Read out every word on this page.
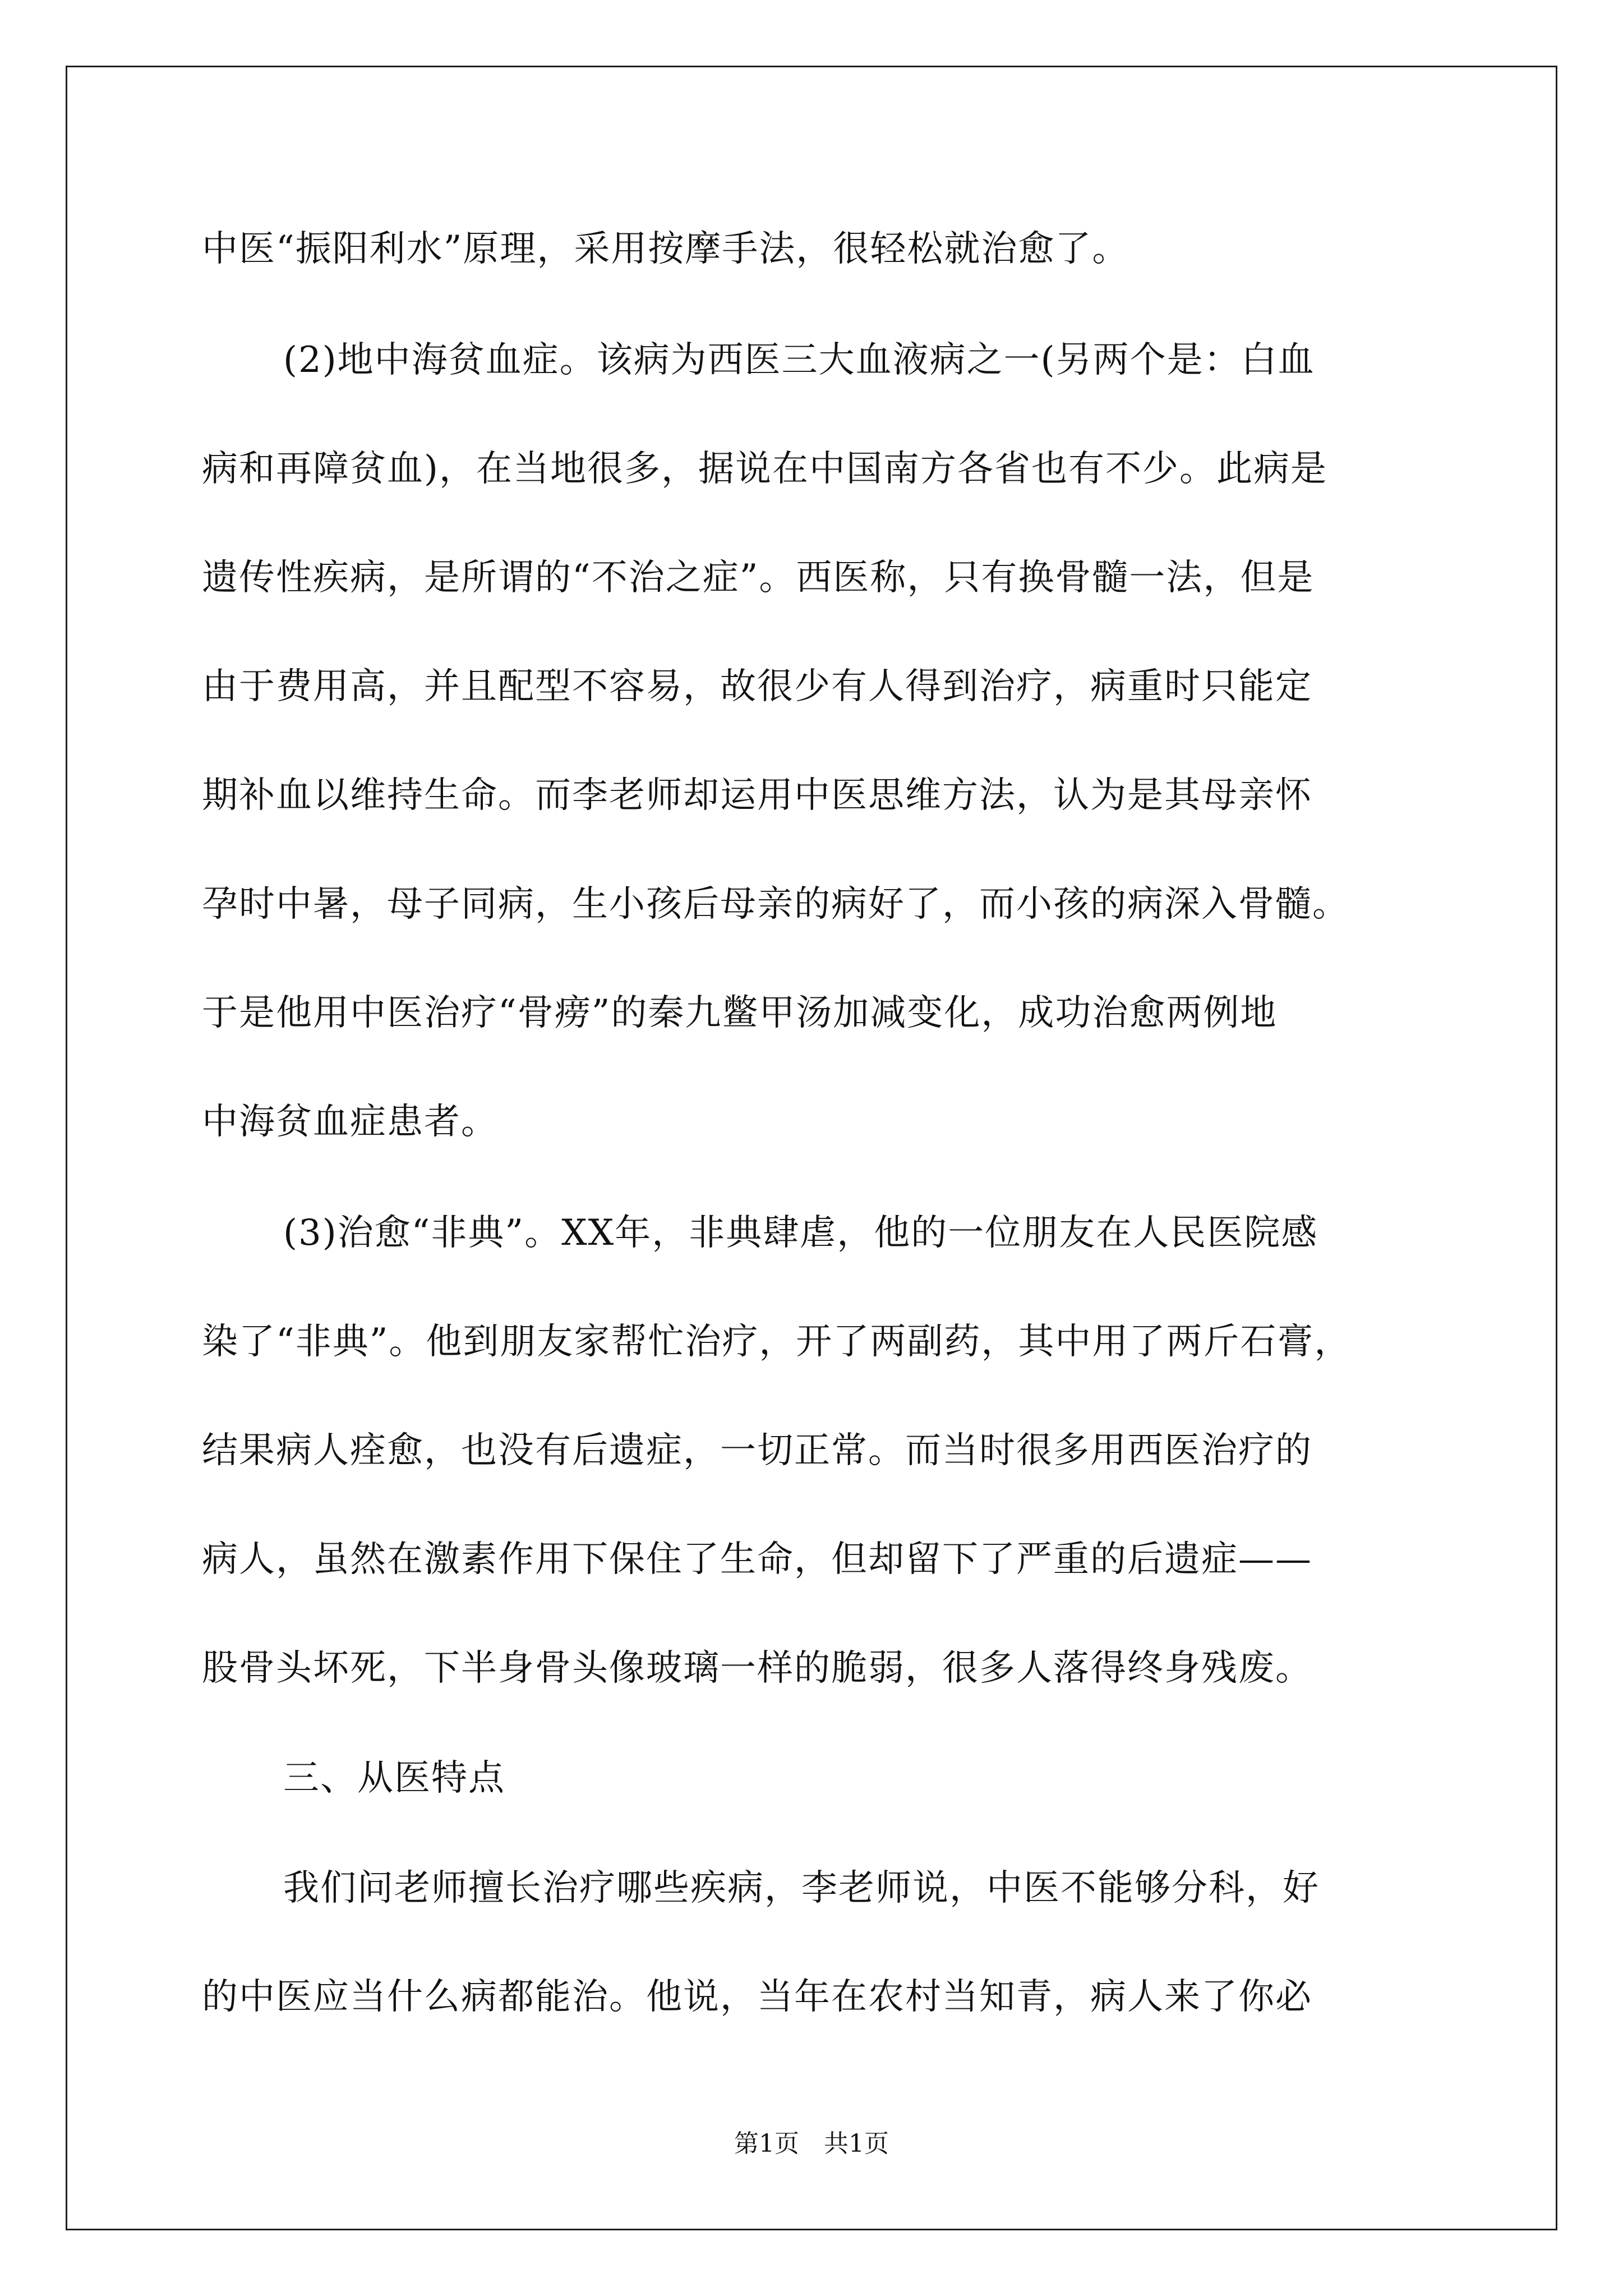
中医“振阳利水”原理，采用按摩手法，很轻松就治愈了。
(2)地中海贫血症。该病为西医三大血液病之一(另两个是：白血
病和再障贫血)，在当地很多，据说在中国南方各省也有不少。此病是
遗传性疾病，是所谓的“不治之症”。西医称，只有换骨髓一法，但是
由于费用高，并且配型不容易，故很少有人得到治疗，病重时只能定
期补血以维持生命。而李老师却运用中医思维方法，认为是其母亲怀
孕时中暑，母子同病，生小孩后母亲的病好了，而小孩的病深入骨髓。
于是他用中医治疗“骨痨”的秦九鳖甲汤加减变化，成功治愈两例地
中海贫血症患者。
(3)治愈“非典”。XX年，非典肆虐，他的一位朋友在人民医院感
染了“非典”。他到朋友家帮忙治疗，开了两副药，其中用了两斤石膏，
结果病人痊愈，也没有后遗症，一切正常。而当时很多用西医治疗的
病人，虽然在激素作用下保住了生命，但却留下了严重的后遗症——
股骨头坏死，下半身骨头像玻璃一样的脆弱，很多人落得终身残废。
三、从医特点
我们问老师擅长治疗哪些疾病，李老师说，中医不能够分科，好
的中医应当什么病都能治。他说，当年在农村当知青，病人来了你必
第1页　共1页
